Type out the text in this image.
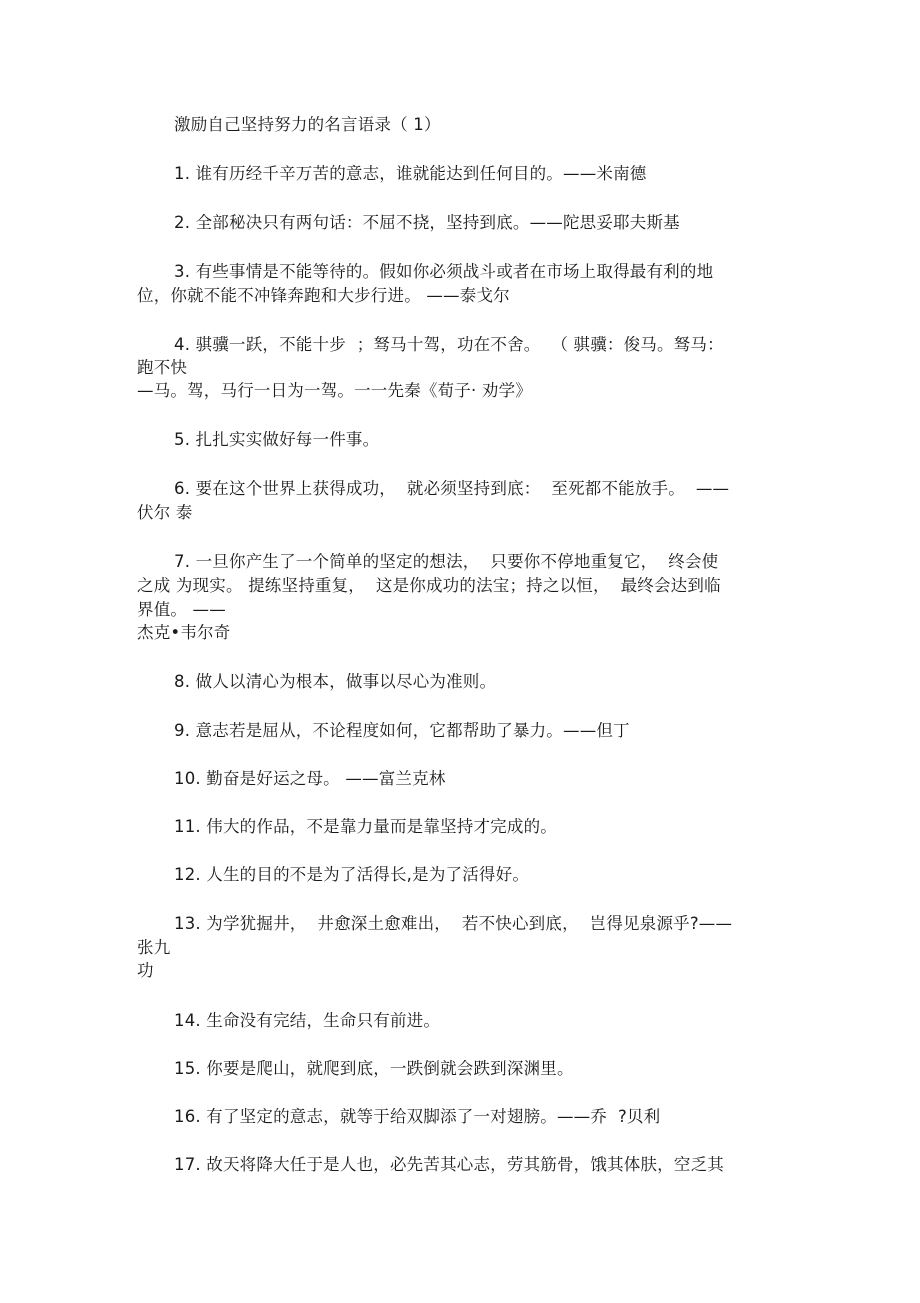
激励自己坚持努力的名言语录（ 1）
1. 谁有历经千辛万苦的意志，谁就能达到任何目的。——米南德
2. 全部秘决只有两句话：不屈不挠，坚持到底。——陀思妥耶夫斯基
3. 有些事情是不能等待的。假如你必须战斗或者在市场上取得最有利的地
位，你就不能不冲锋奔跑和大步行进。 ——泰戈尔
4. 骐骥一跃，不能十步  ；驽马十驾，功在不舍。  （ 骐骥：俊马。驽马：
跑不快
—马。驾，马行一日为一驾。一一先秦《荀子· 劝学》
5. 扎扎实实做好每一件事。
6. 要在这个世界上获得成功，  就必须坚持到底：  至死都不能放手。  ——
伏尔 泰
7. 一旦你产生了一个简单的坚定的想法，  只要你不停地重复它，  终会使
之成 为现实。 提练坚持重复，  这是你成功的法宝；持之以恒，  最终会达到临
界值。 ——
杰克•韦尔奇
8. 做人以清心为根本，做事以尽心为准则。
9. 意志若是屈从，不论程度如何，它都帮助了暴力。——但丁
10. 勤奋是好运之母。 ——富兰克林
11. 伟大的作品，不是靠力量而是靠坚持才完成的。
12. 人生的目的不是为了活得长,是为了活得好。
13. 为学犹掘井，  井愈深土愈难出，  若不快心到底，  岂得见泉源乎?——
张九
功
14. 生命没有完结，生命只有前进。
15. 你要是爬山，就爬到底，一跌倒就会跌到深渊里。
16. 有了坚定的意志，就等于给双脚添了一对翅膀。——乔  ?贝利
17. 故天将降大任于是人也，必先苦其心志，劳其筋骨，饿其体肤，空乏其
